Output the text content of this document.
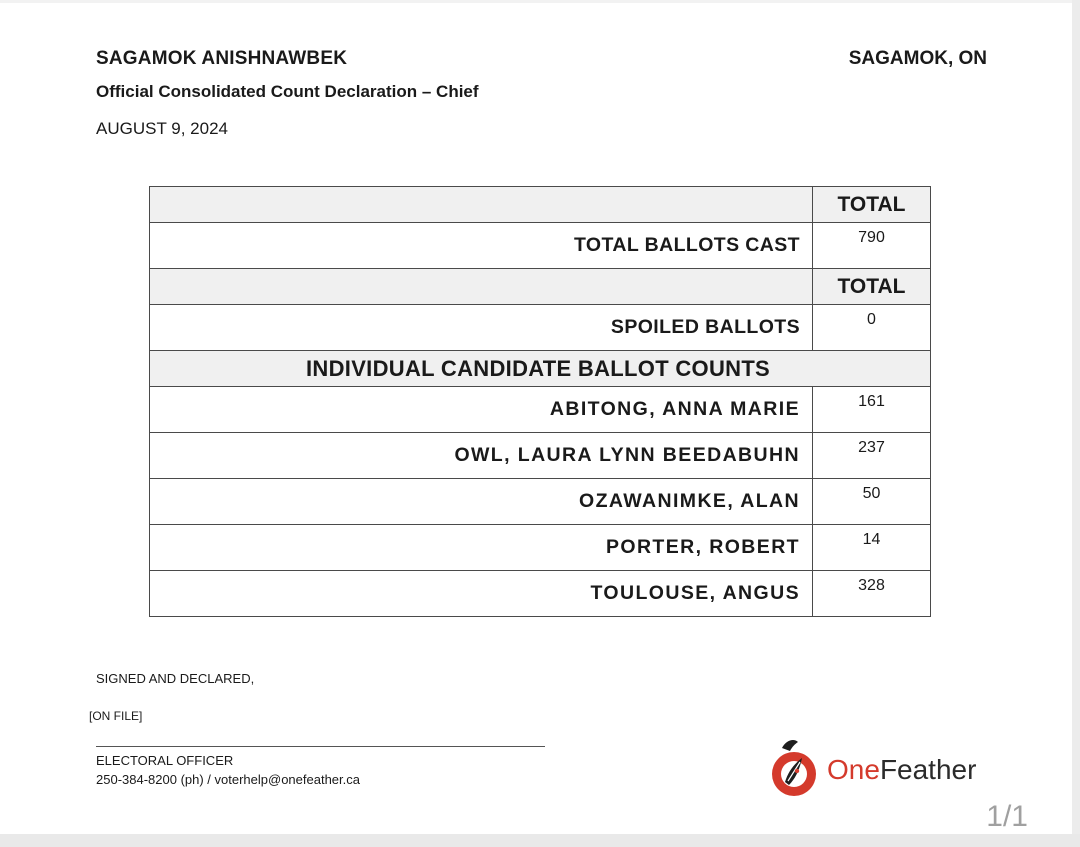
SAGAMOK ANISHNAWBEK	SAGAMOK, ON
Official Consolidated Count Declaration – Chief
AUGUST 9, 2024
	TOTAL
TOTAL BALLOTS CAST	790
	TOTAL
SPOILED BALLOTS	0
INDIVIDUAL CANDIDATE BALLOT COUNTS	
ABITONG, ANNA MARIE	161
OWL, LAURA LYNN BEEDABUHN	237
OZAWANIMKE, ALAN	50
PORTER, ROBERT	14
TOULOUSE, ANGUS	328
SIGNED AND DECLARED,
[ON FILE]
ELECTORAL OFFICER
250-384-8200 (ph) / voterhelp@onefeather.ca	OneFeather
1/1
